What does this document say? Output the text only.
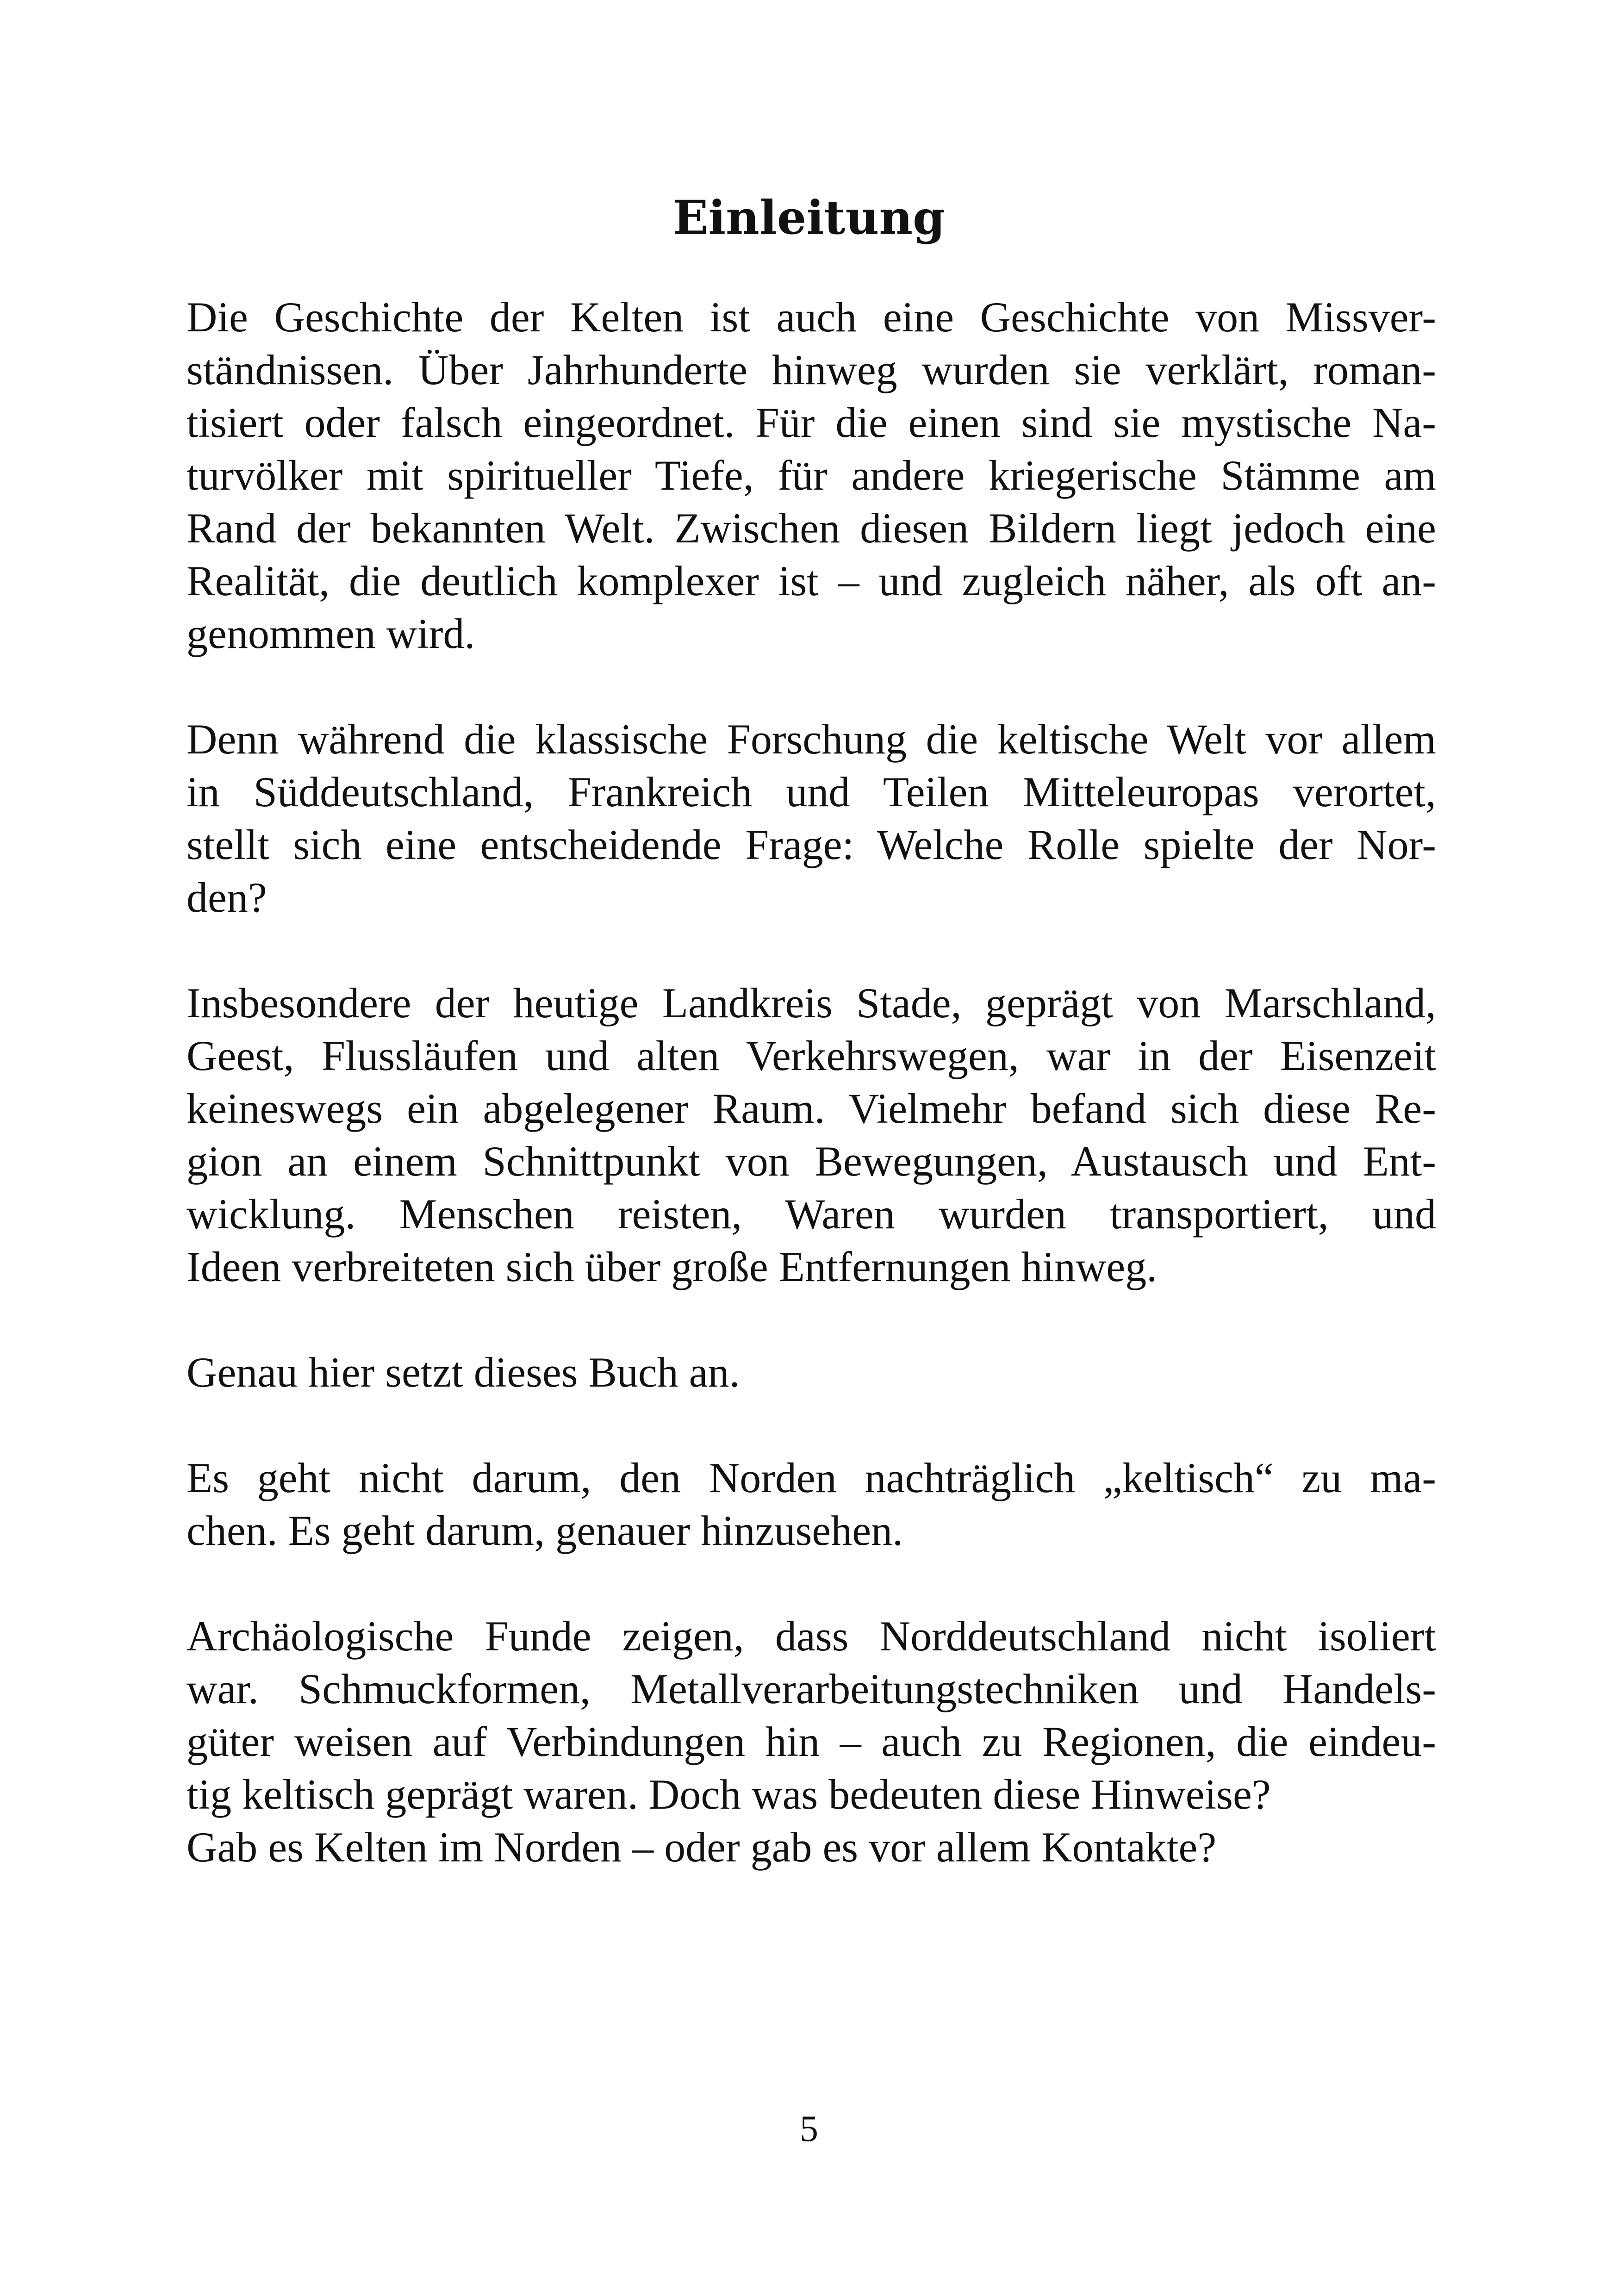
Einleitung
Die Geschichte der Kelten ist auch eine Geschichte von Missver-
ständnissen. Über Jahrhunderte hinweg wurden sie verklärt, roman-
tisiert oder falsch eingeordnet. Für die einen sind sie mystische Na-
turvölker mit spiritueller Tiefe, für andere kriegerische Stämme am
Rand der bekannten Welt. Zwischen diesen Bildern liegt jedoch eine
Realität, die deutlich komplexer ist – und zugleich näher, als oft an-
genommen wird.
Denn während die klassische Forschung die keltische Welt vor allem
in Süddeutschland, Frankreich und Teilen Mitteleuropas verortet,
stellt sich eine entscheidende Frage: Welche Rolle spielte der Nor-
den?
Insbesondere der heutige Landkreis Stade, geprägt von Marschland,
Geest, Flussläufen und alten Verkehrswegen, war in der Eisenzeit
keineswegs ein abgelegener Raum. Vielmehr befand sich diese Re-
gion an einem Schnittpunkt von Bewegungen, Austausch und Ent-
wicklung. Menschen reisten, Waren wurden transportiert, und
Ideen verbreiteten sich über große Entfernungen hinweg.
Genau hier setzt dieses Buch an.
Es geht nicht darum, den Norden nachträglich „keltisch“ zu ma-
chen. Es geht darum, genauer hinzusehen.
Archäologische Funde zeigen, dass Norddeutschland nicht isoliert
war. Schmuckformen, Metallverarbeitungstechniken und Handels-
güter weisen auf Verbindungen hin – auch zu Regionen, die eindeu-
tig keltisch geprägt waren. Doch was bedeuten diese Hinweise?
Gab es Kelten im Norden – oder gab es vor allem Kontakte?
5
